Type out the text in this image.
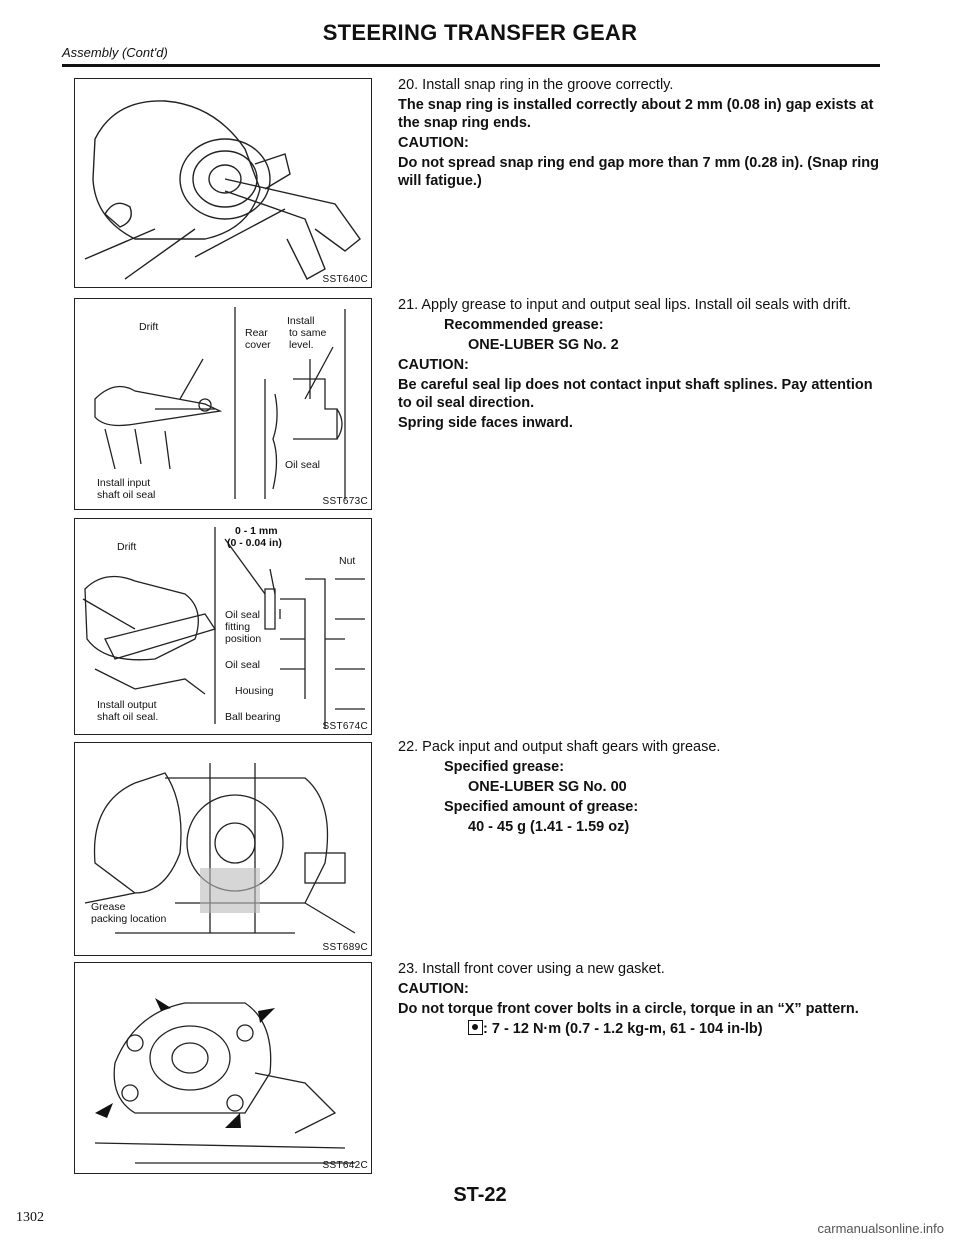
STEERING TRANSFER GEAR
Assembly (Cont'd)
SST640C
Drift
Install input
shaft oil seal
Rear
cover
Install
to same
level.
Oil seal
SST673C
Drift
Install output
shaft oil seal.
0 - 1 mm
(0 - 0.04 in)
Nut
Oil seal
fitting
position
Oil seal
Housing
Ball bearing
SST674C
Grease
packing location
SST689C
SST642C

20. Install snap ring in the groove correctly.

The snap ring is installed correctly about 2 mm (0.08 in) gap exists at the snap ring ends.

CAUTION:

Do not spread snap ring end gap more than 7 mm (0.28 in). (Snap ring will fatigue.)

21. Apply grease to input and output seal lips. Install oil seals with drift.

Recommended grease:

ONE-LUBER SG No. 2

CAUTION:

Be careful seal lip does not contact input shaft splines. Pay attention to oil seal direction.

Spring side faces inward.

22. Pack input and output shaft gears with grease.

Specified grease:

ONE-LUBER SG No. 00

Specified amount of grease:

40 - 45 g (1.41 - 1.59 oz)

23. Install front cover using a new gasket.

CAUTION:

Do not torque front cover bolts in a circle, torque in an “X” pattern.

: 7 - 12 N·m (0.7 - 1.2 kg-m, 61 - 104 in-lb)

ST-22
1302
carmanualsonline.info
